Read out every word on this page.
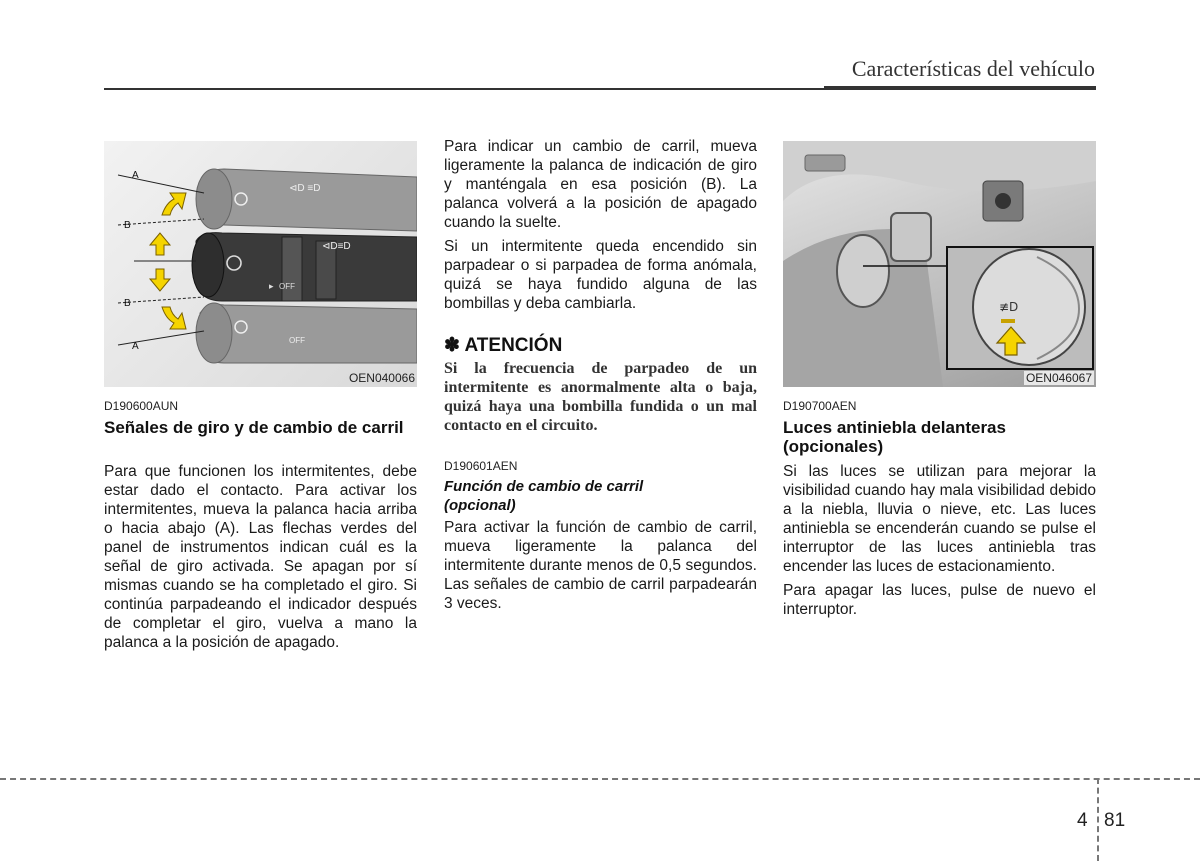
Características del vehículo
⊲D ≡D
▸ OFF
⊲D≡D
OFF
A
B
B
A
OEN040066
≢D
OEN046067
D190600AUN
Señales de giro y de cambio de carril
Para que funcionen los intermitentes, debe estar dado el contacto. Para activar los intermitentes, mueva la palanca hacia arriba o hacia abajo (A). Las flechas verdes del panel de instrumentos indican cuál es la señal de giro activada. Se apagan por sí mismas cuando se ha completado el giro. Si continúa parpadeando el indicador después de completar el giro, vuelva a mano la palanca a la posición de apagado.
Para indicar un cambio de carril, mueva ligeramente la palanca de indicación de giro y manténgala en esa posición (B). La palanca volverá a la posición de apagado cuando la suelte.
Si un intermitente queda encendido sin parpadear o si parpadea de forma anómala, quizá se haya fundido alguna de las bombillas y deba cambiarla.
✽ ATENCIÓN
Si la frecuencia de parpadeo de un intermitente es anormalmente alta o baja, quizá haya una bombilla fundida o un mal contacto en el circuito.
D190601AEN
Función de cambio de carril (opcional)
Para activar la función de cambio de carril, mueva ligeramente la palanca del intermitente durante menos de 0,5 segundos. Las señales de cambio de carril parpadearán 3 veces.
D190700AEN
Luces antiniebla delanteras (opcionales)
Si las luces se utilizan para mejorar la visibilidad cuando hay mala visibilidad debido a la niebla, lluvia o nieve, etc. Las luces antiniebla se encenderán cuando se pulse el interruptor de las luces antiniebla tras encender las luces de estacionamiento.
Para apagar las luces, pulse de nuevo el interruptor.
4 81
